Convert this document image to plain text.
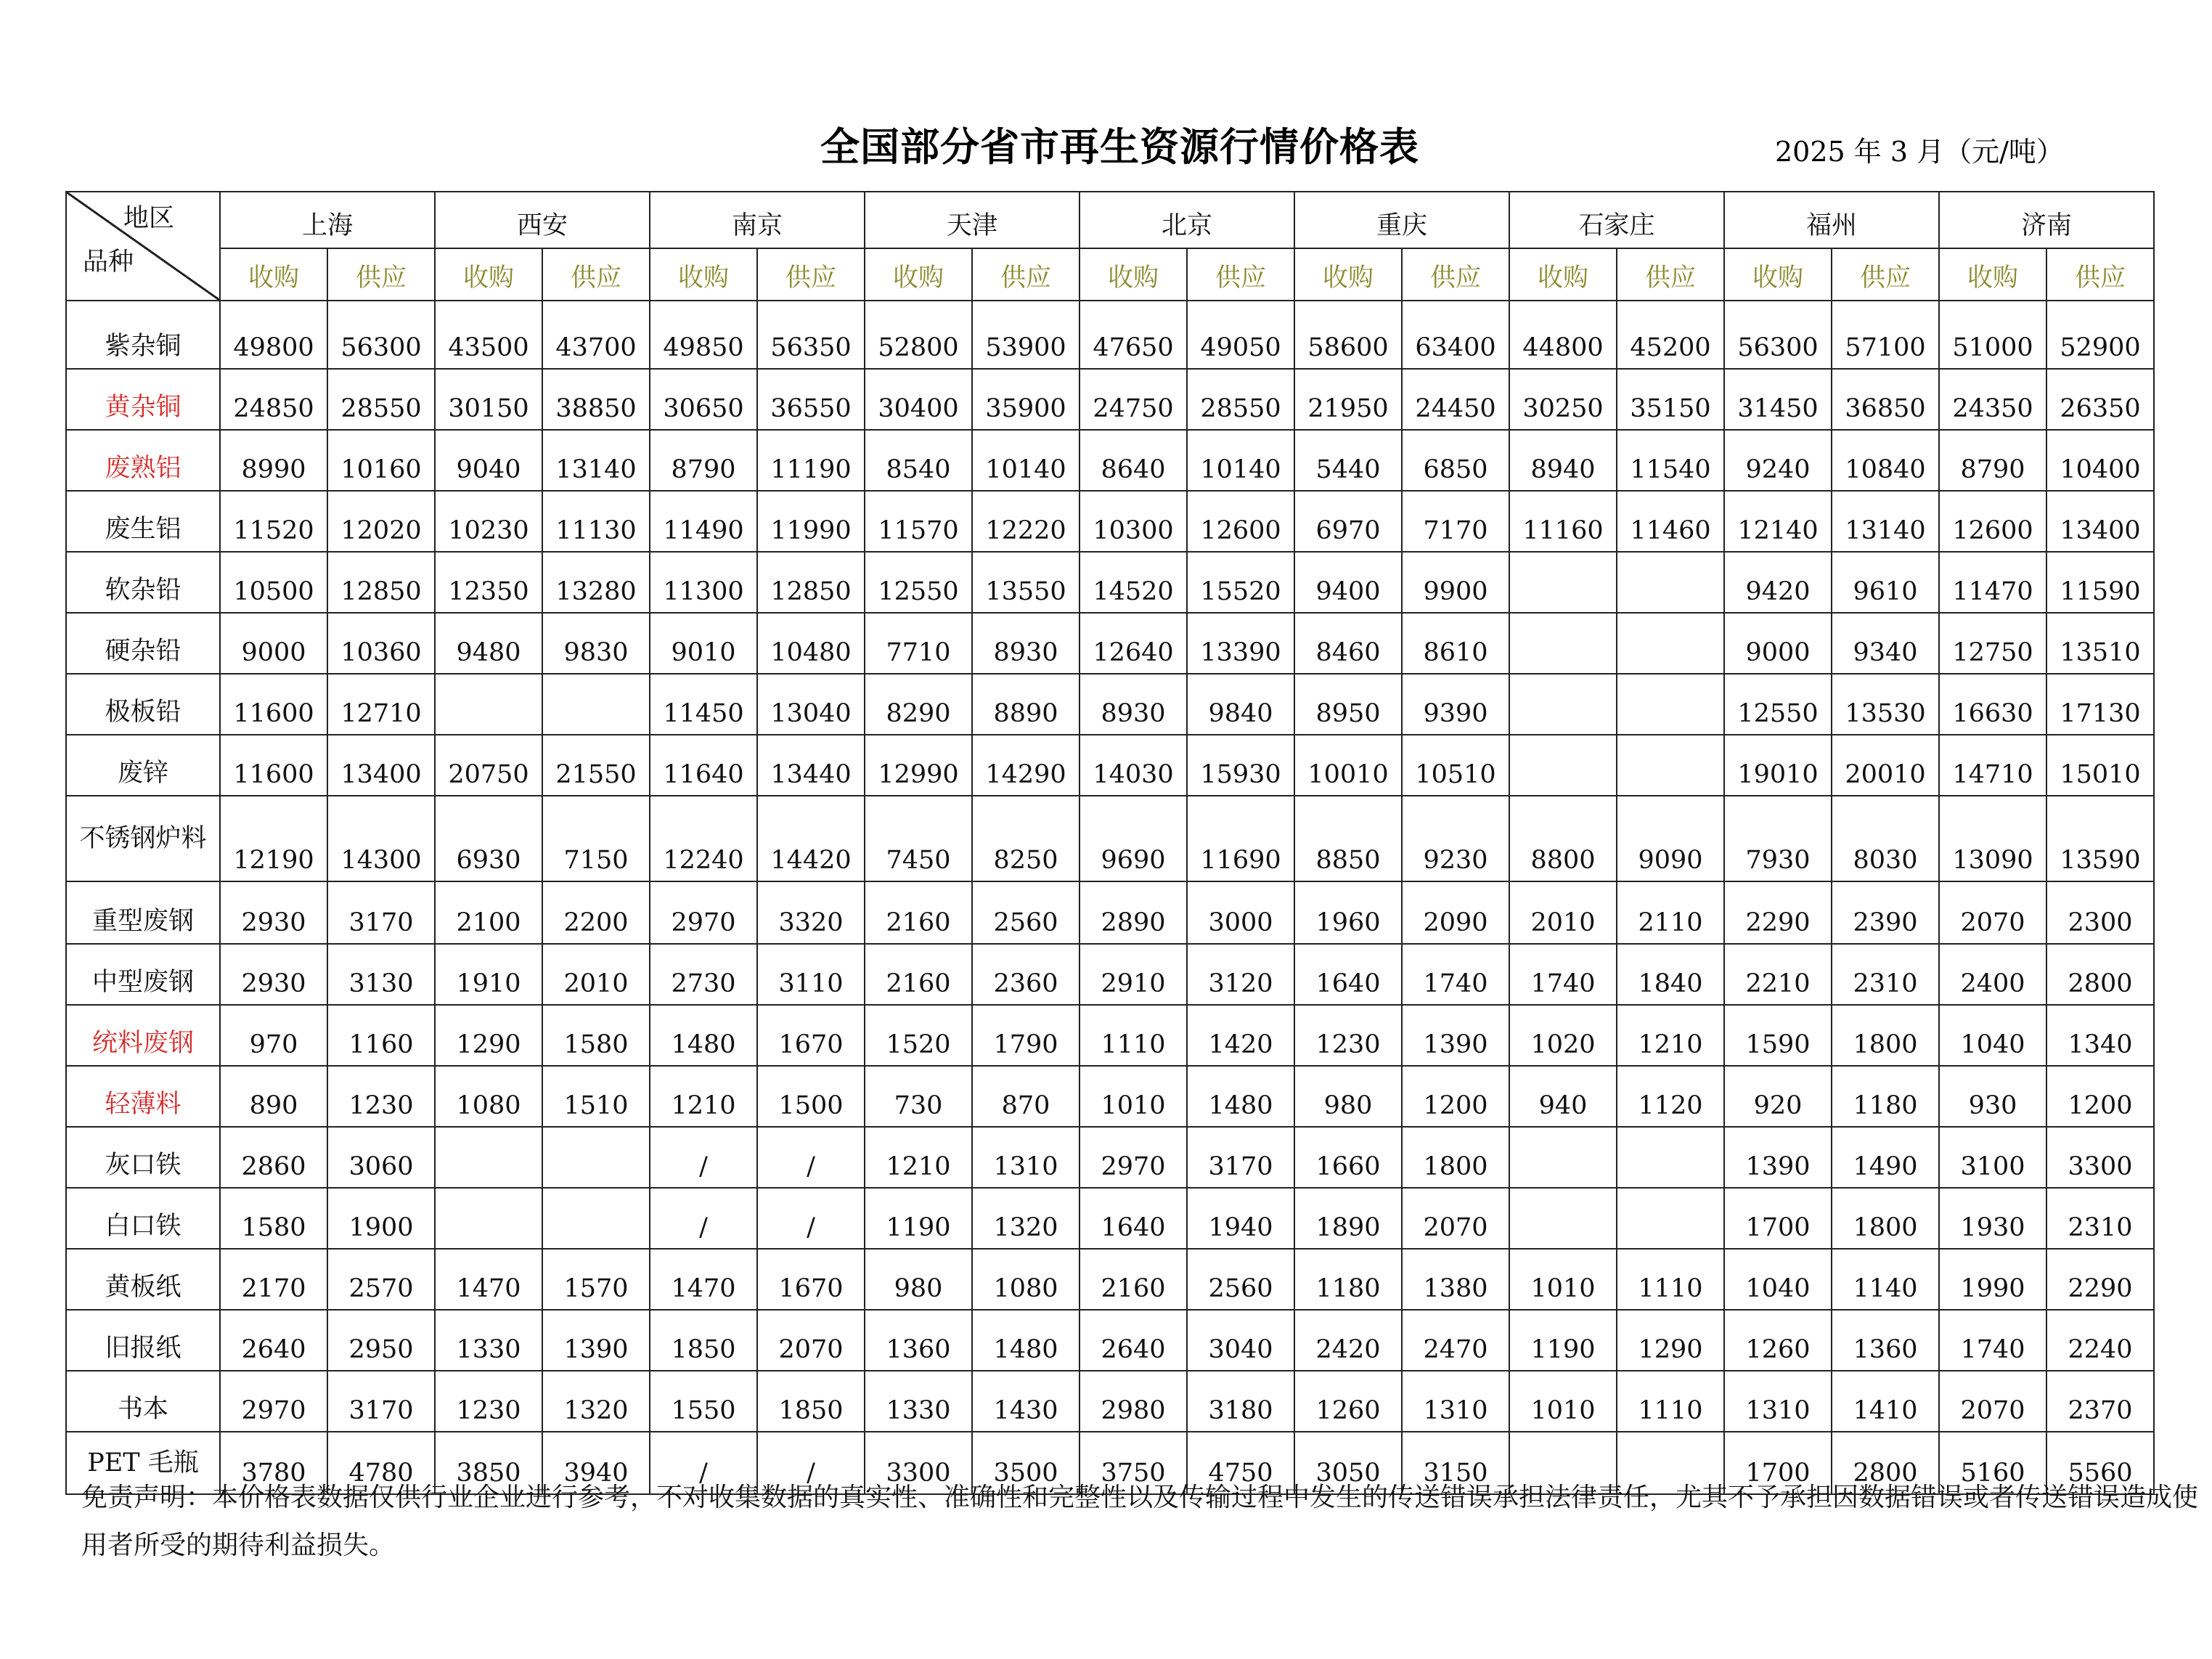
全国部分省市再生资源行情价格表	2025 年 3 月（元/吨）
地区
品种	上海		西安		南京		天津		北京		重庆		石家庄		福州		济南	
	收购	供应	收购	供应	收购	供应	收购	供应	收购	供应	收购	供应	收购	供应	收购	供应	收购	供应
紫杂铜	49800	56300	43500	43700	49850	56350	52800	53900	47650	49050	58600	63400	44800	45200	56300	57100	51000	52900
黄杂铜	24850	28550	30150	38850	30650	36550	30400	35900	24750	28550	21950	24450	30250	35150	31450	36850	24350	26350
废熟铝	8990	10160	9040	13140	8790	11190	8540	10140	8640	10140	5440	6850	8940	11540	9240	10840	8790	10400
废生铝	11520	12020	10230	11130	11490	11990	11570	12220	10300	12600	6970	7170	11160	11460	12140	13140	12600	13400
软杂铅	10500	12850	12350	13280	11300	12850	12550	13550	14520	15520	9400	9900			9420	9610	11470	11590
硬杂铅	9000	10360	9480	9830	9010	10480	7710	8930	12640	13390	8460	8610			9000	9340	12750	13510
极板铅	11600	12710			11450	13040	8290	8890	8930	9840	8950	9390			12550	13530	16630	17130
废锌	11600	13400	20750	21550	11640	13440	12990	14290	14030	15930	10010	10510			19010	20010	14710	15010
不锈钢炉料	12190	14300	6930	7150	12240	14420	7450	8250	9690	11690	8850	9230	8800	9090	7930	8030	13090	13590
重型废钢	2930	3170	2100	2200	2970	3320	2160	2560	2890	3000	1960	2090	2010	2110	2290	2390	2070	2300
中型废钢	2930	3130	1910	2010	2730	3110	2160	2360	2910	3120	1640	1740	1740	1840	2210	2310	2400	2800
统料废钢	970	1160	1290	1580	1480	1670	1520	1790	1110	1420	1230	1390	1020	1210	1590	1800	1040	1340
轻薄料	890	1230	1080	1510	1210	1500	730	870	1010	1480	980	1200	940	1120	920	1180	930	1200
灰口铁	2860	3060			/	/	1210	1310	2970	3170	1660	1800			1390	1490	3100	3300
白口铁	1580	1900			/	/	1190	1320	1640	1940	1890	2070			1700	1800	1930	2310
黄板纸	2170	2570	1470	1570	1470	1670	980	1080	2160	2560	1180	1380	1010	1110	1040	1140	1990	2290
旧报纸	2640	2950	1330	1390	1850	2070	1360	1480	2640	3040	2420	2470	1190	1290	1260	1360	1740	2240
书本	2970	3170	1230	1320	1550	1850	1330	1430	2980	3180	1260	1310	1010	1110	1310	1410	2070	2370
PET 毛瓶	3780	4780	3850	3940	/	/	3300	3500	3750	4750	3050	3150			1700	2800	5160	5560
免责声明：本价格表数据仅供行业企业进行参考，不对收集数据的真实性、准确性和完整性以及传输过程中发生的传送错误承担法律责任，尤其不予承担因数据错误或者传送错误造成使用者所受的期待利益损失。
